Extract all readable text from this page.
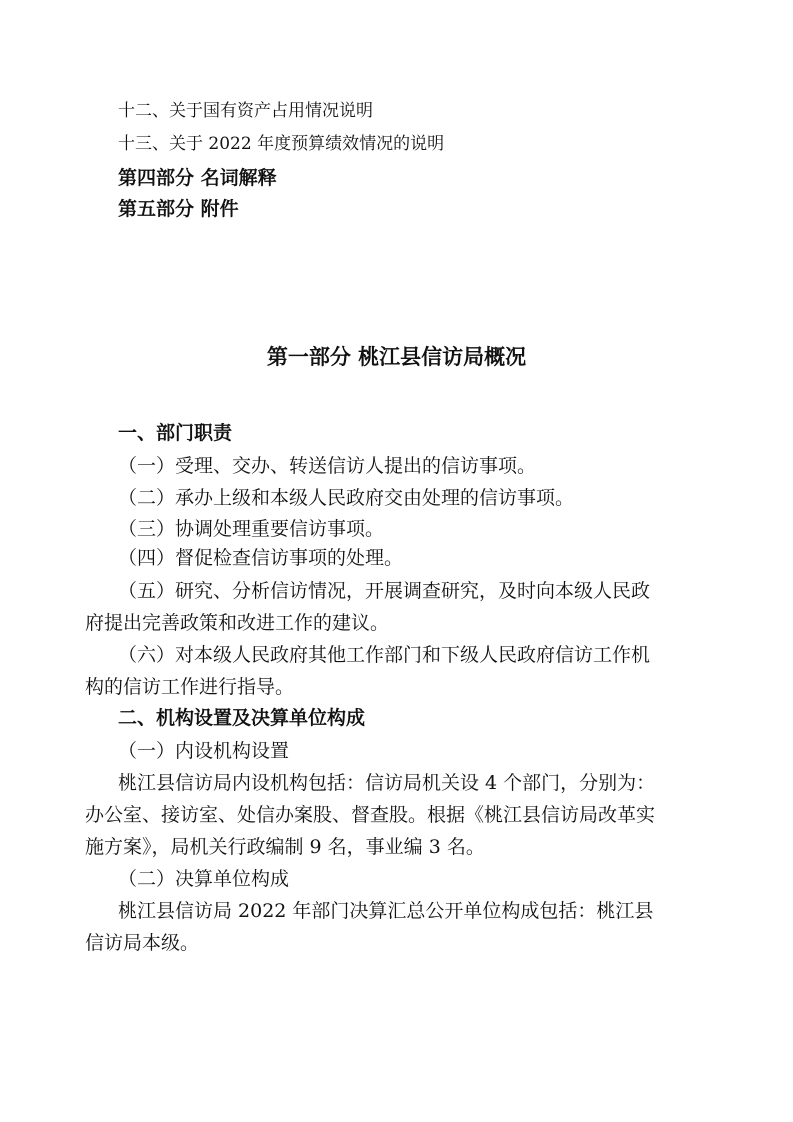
十二、关于国有资产占用情况说明
十三、关于 2022 年度预算绩效情况的说明
第四部分 名词解释
第五部分 附件
第一部分 桃江县信访局概况
一、部门职责
（一）受理、交办、转送信访人提出的信访事项。
（二）承办上级和本级人民政府交由处理的信访事项。
（三）协调处理重要信访事项。
（四）督促检查信访事项的处理。
（五）研究、分析信访情况，开展调查研究，及时向本级人民政
府提出完善政策和改进工作的建议。
（六）对本级人民政府其他工作部门和下级人民政府信访工作机
构的信访工作进行指导。
二、机构设置及决算单位构成
（一）内设机构设置
桃江县信访局内设机构包括：信访局机关设 4 个部门，分别为：
办公室、接访室、处信办案股、督查股。根据《桃江县信访局改革实
施方案》，局机关行政编制 9 名，事业编 3 名。
（二）决算单位构成
桃江县信访局 2022 年部门决算汇总公开单位构成包括：桃江县
信访局本级。
